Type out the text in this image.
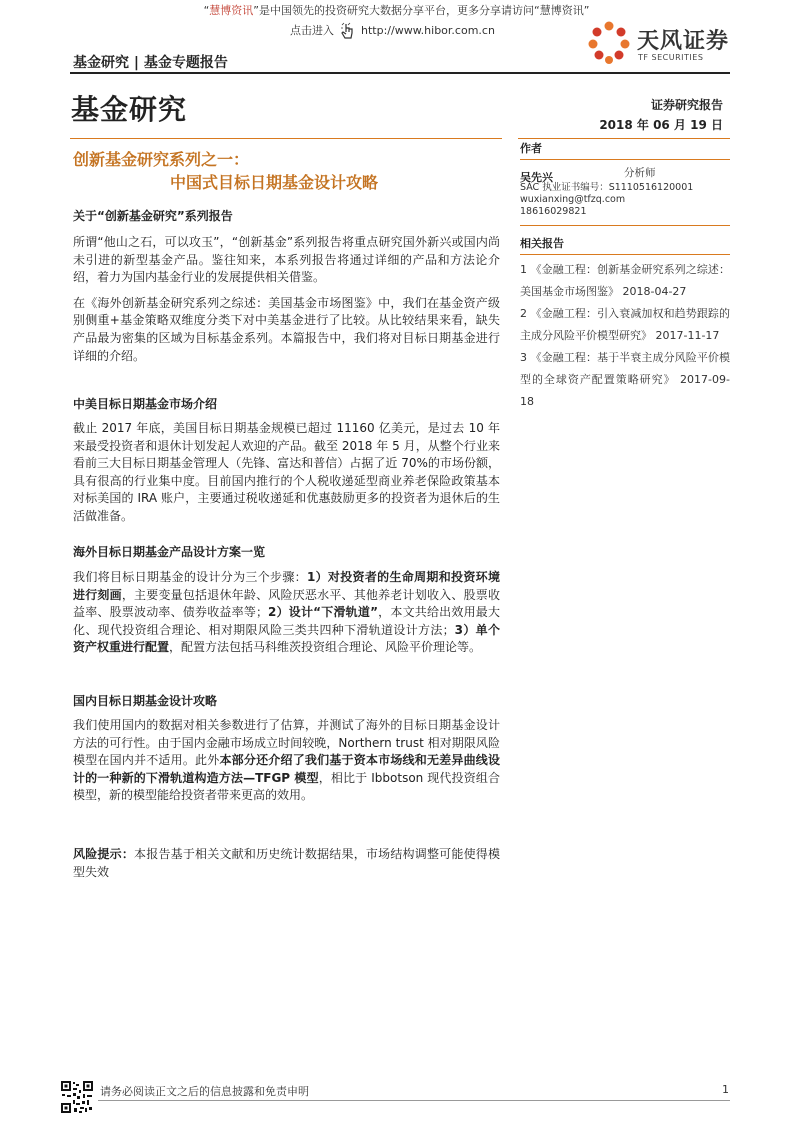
“慧博资讯”是中国领先的投资研究大数据分享平台，更多分享请访问“慧博资讯”
点击进入 http://www.hibor.com.cn	天风证券
TF SECURITIES
基金研究 | 基金专题报告
基金研究	证券研究报告
2018 年 06 月 19 日
创新基金研究系列之一：
中国式目标日期基金设计攻略
关于“创新基金研究”系列报告

所谓“他山之石，可以攻玉”，“创新基金”系列报告将重点研究国外新兴或国内尚未引进的新型基金产品。鉴往知来，本系列报告将通过详细的产品和方法论介绍，着力为国内基金行业的发展提供相关借鉴。

在《海外创新基金研究系列之综述：美国基金市场图鉴》中，我们在基金资产级别侧重+基金策略双维度分类下对中美基金进行了比较。从比较结果来看，缺失产品最为密集的区域为目标基金系列。本篇报告中，我们将对目标日期基金进行详细的介绍。

中美目标日期基金市场介绍

截止 2017 年底，美国目标日期基金规模已超过 11160 亿美元，是过去 10 年来最受投资者和退休计划发起人欢迎的产品。截至 2018 年 5 月，从整个行业来看前三大目标日期基金管理人（先锋、富达和普信）占据了近 70%的市场份额，具有很高的行业集中度。目前国内推行的个人税收递延型商业养老保险政策基本对标美国的 IRA 账户，主要通过税收递延和优惠鼓励更多的投资者为退休后的生活做准备。

海外目标日期基金产品设计方案一览

我们将目标日期基金的设计分为三个步骤：1）对投资者的生命周期和投资环境进行刻画，主要变量包括退休年龄、风险厌恶水平、其他养老计划收入、股票收益率、股票波动率、债券收益率等；2）设计“下滑轨道”，本文共给出效用最大化、现代投资组合理论、相对期限风险三类共四种下滑轨道设计方法；3）单个资产权重进行配置，配置方法包括马科维茨投资组合理论、风险平价理论等。

国内目标日期基金设计攻略

我们使用国内的数据对相关参数进行了估算，并测试了海外的目标日期基金设计方法的可行性。由于国内金融市场成立时间较晚，Northern trust 相对期限风险模型在国内并不适用。此外本部分还介绍了我们基于资本市场线和无差异曲线设计的一种新的下滑轨道构造方法—TFGP 模型，相比于 Ibbotson 现代投资组合模型，新的模型能给投资者带来更高的效用。

风险提示：本报告基于相关文献和历史统计数据结果，市场结构调整可能使得模型失效

作者
吴先兴	分析师
SAC 执业证书编号：S1110516120001
wuxianxing@tfzq.com
18616029821
相关报告
1 《金融工程：创新基金研究系列之综述：美国基金市场图鉴》 2018-04-27
2 《金融工程：引入衰减加权和趋势跟踪的主成分风险平价模型研究》 2017-11-17
3 《金融工程：基于半衰主成分风险平价模型的全球资产配置策略研究》 2017-09-18
请务必阅读正文之后的信息披露和免责申明	1
